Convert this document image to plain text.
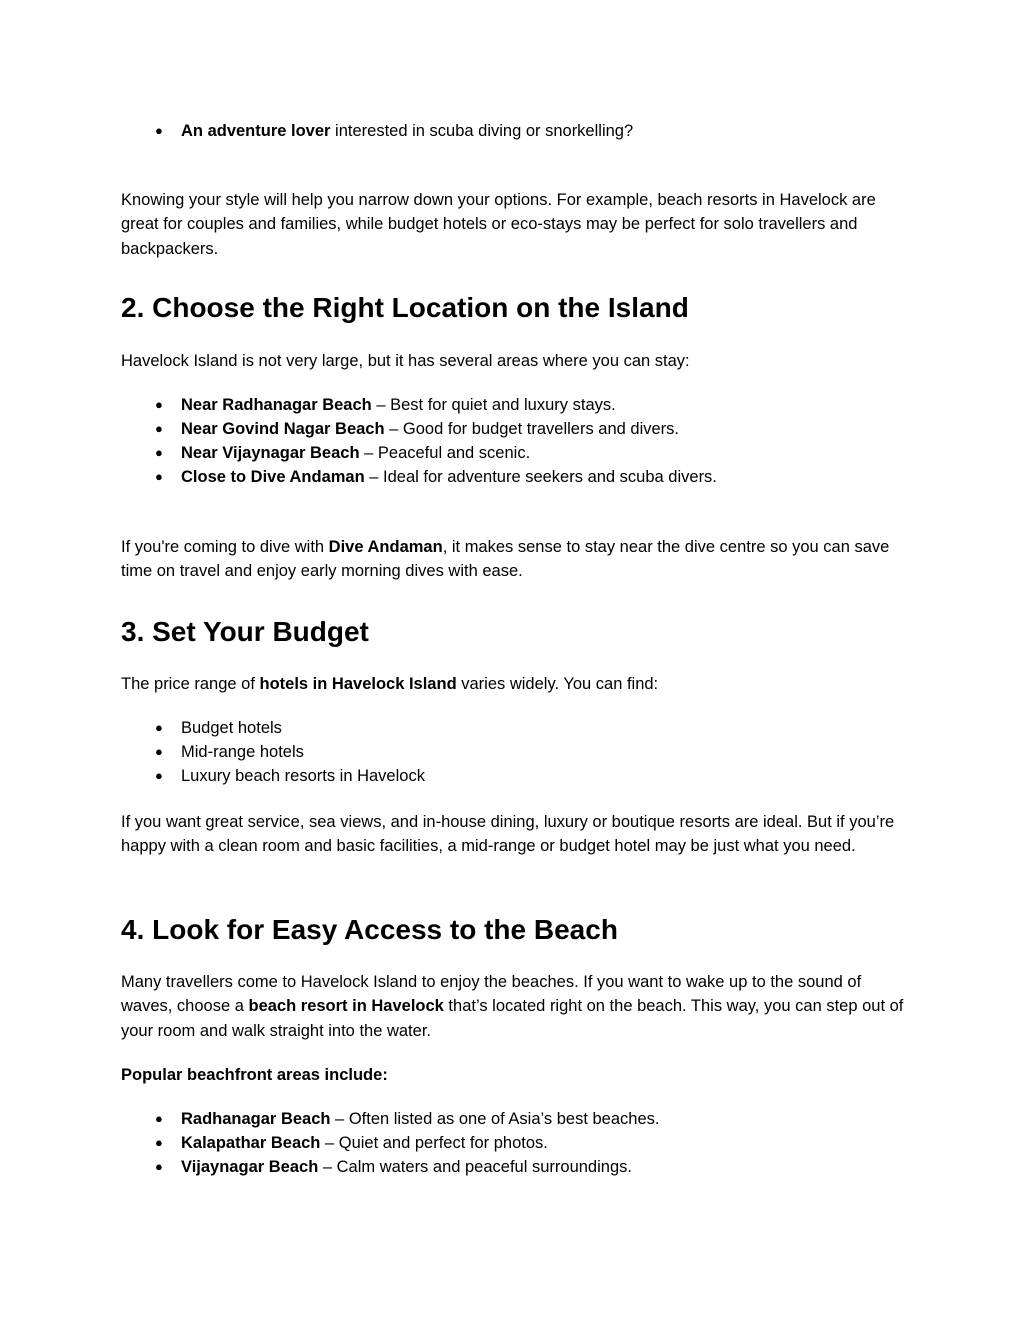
● An adventure lover interested in scuba diving or snorkelling?

Knowing your style will help you narrow down your options. For example, beach resorts in Havelock are great for couples and families, while budget hotels or eco-stays may be perfect for solo travellers and backpackers.

2. Choose the Right Location on the Island

Havelock Island is not very large, but it has several areas where you can stay:

● Near Radhanagar Beach – Best for quiet and luxury stays.
● Near Govind Nagar Beach – Good for budget travellers and divers.
● Near Vijaynagar Beach – Peaceful and scenic.
● Close to Dive Andaman – Ideal for adventure seekers and scuba divers.

If you're coming to dive with Dive Andaman, it makes sense to stay near the dive centre so you can save time on travel and enjoy early morning dives with ease.

3. Set Your Budget

The price range of hotels in Havelock Island varies widely. You can find:

● Budget hotels
● Mid-range hotels
● Luxury beach resorts in Havelock

If you want great service, sea views, and in-house dining, luxury or boutique resorts are ideal. But if you’re happy with a clean room and basic facilities, a mid-range or budget hotel may be just what you need.

4. Look for Easy Access to the Beach

Many travellers come to Havelock Island to enjoy the beaches. If you want to wake up to the sound of waves, choose a beach resort in Havelock that’s located right on the beach. This way, you can step out of your room and walk straight into the water.

Popular beachfront areas include:

● Radhanagar Beach – Often listed as one of Asia’s best beaches.
● Kalapathar Beach – Quiet and perfect for photos.
● Vijaynagar Beach – Calm waters and peaceful surroundings.
